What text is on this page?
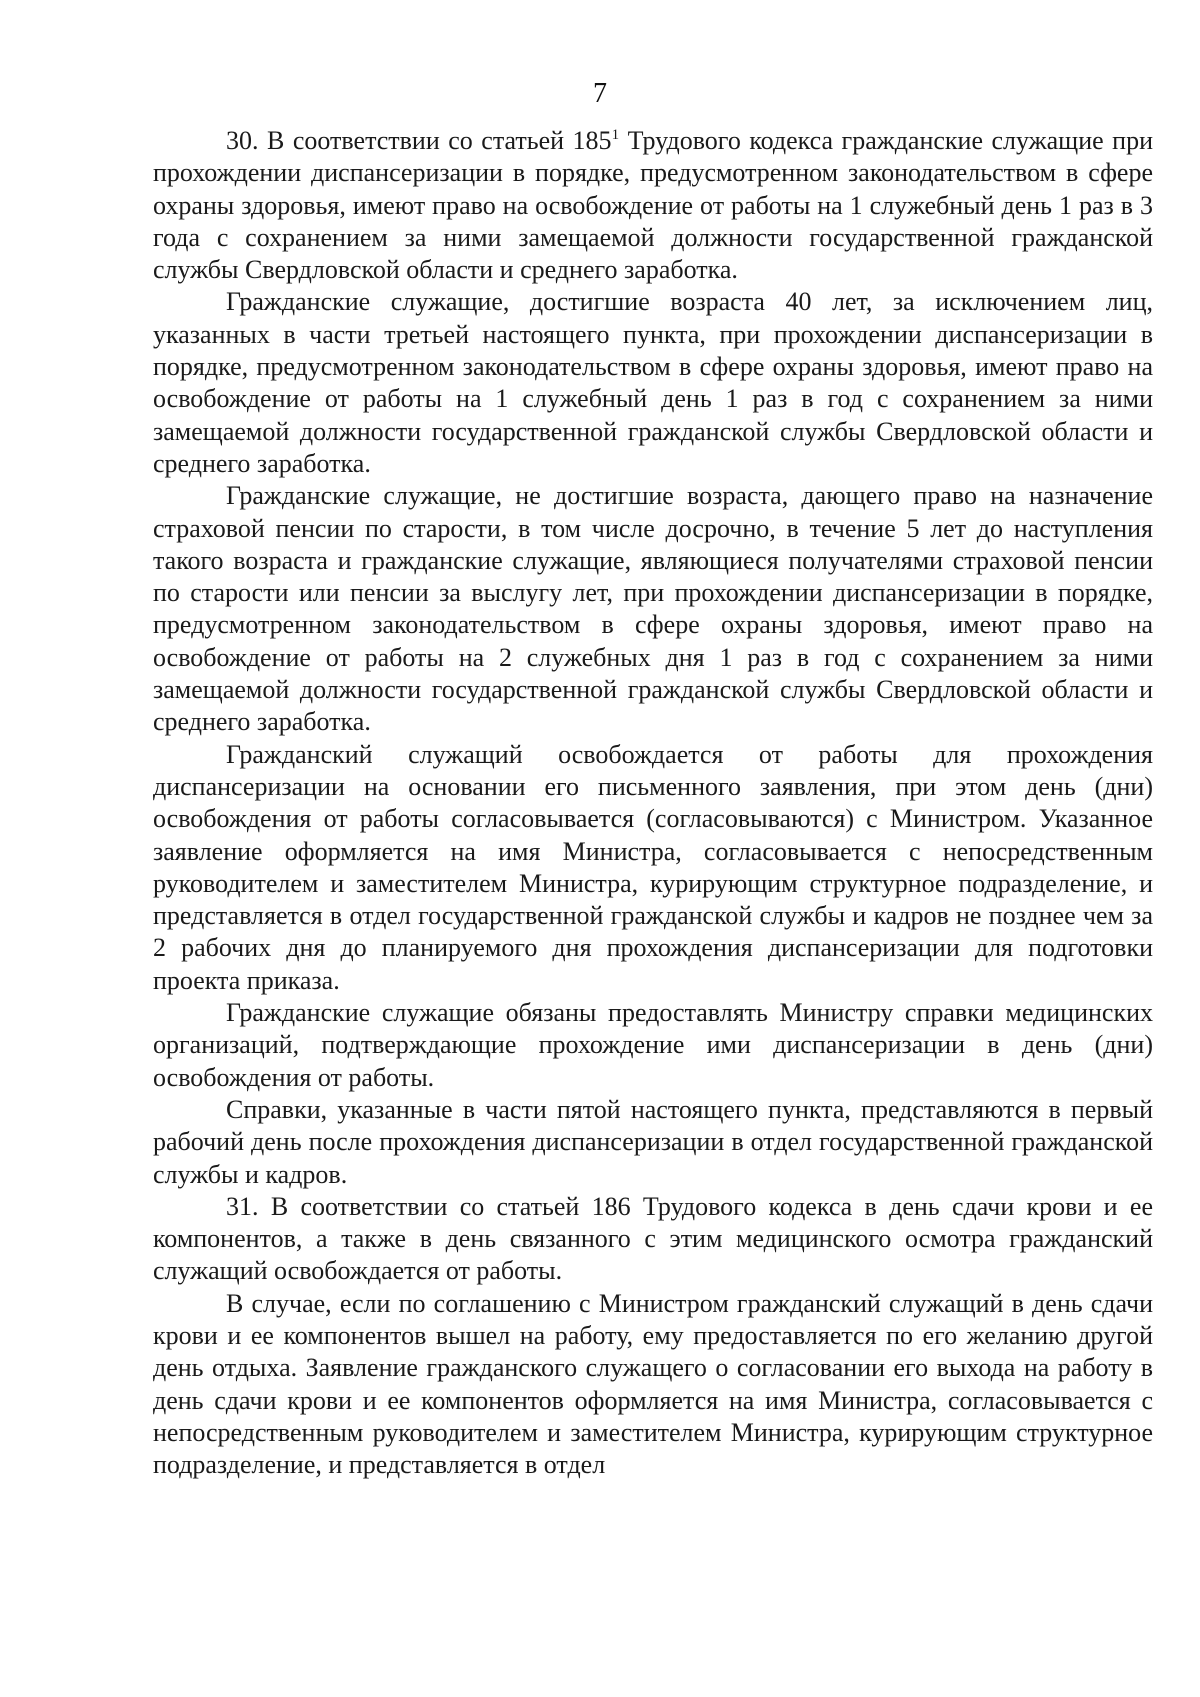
7

30. В соответствии со статьей $185^1$ Трудового кодекса гражданские служащие при прохождении диспансеризации в порядке, предусмотренном законодательством в сфере охраны здоровья, имеют право на освобождение от работы на 1 служебный день 1 раз в 3 года с сохранением за ними замещаемой должности государственной гражданской службы Свердловской области и среднего заработка.

Гражданские служащие, достигшие возраста 40 лет, за исключением лиц, указанных в части третьей настоящего пункта, при прохождении диспансеризации в порядке, предусмотренном законодательством в сфере охраны здоровья, имеют право на освобождение от работы на 1 служебный день 1 раз в год с сохранением за ними замещаемой должности государственной гражданской службы Свердловской области и среднего заработка.

Гражданские служащие, не достигшие возраста, дающего право на назначение страховой пенсии по старости, в том числе досрочно, в течение 5 лет до наступления такого возраста и гражданские служащие, являющиеся получателями страховой пенсии по старости или пенсии за выслугу лет, при прохождении диспансеризации в порядке, предусмотренном законодательством в сфере охраны здоровья, имеют право на освобождение от работы на 2 служебных дня 1 раз в год с сохранением за ними замещаемой должности государственной гражданской службы Свердловской области и среднего заработка.

Гражданский служащий освобождается от работы для прохождения диспансеризации на основании его письменного заявления, при этом день (дни) освобождения от работы согласовывается (согласовываются) с Министром. Указанное заявление оформляется на имя Министра, согласовывается с непосредственным руководителем и заместителем Министра, курирующим структурное подразделение, и представляется в отдел государственной гражданской службы и кадров не позднее чем за 2 рабочих дня до планируемого дня прохождения диспансеризации для подготовки проекта приказа.

Гражданские служащие обязаны предоставлять Министру справки медицинских организаций, подтверждающие прохождение ими диспансеризации в день (дни) освобождения от работы.

Справки, указанные в части пятой настоящего пункта, представляются в первый рабочий день после прохождения диспансеризации в отдел государственной гражданской службы и кадров.

31. В соответствии со статьей 186 Трудового кодекса в день сдачи крови и ее компонентов, а также в день связанного с этим медицинского осмотра гражданский служащий освобождается от работы.

В случае, если по соглашению с Министром гражданский служащий в день сдачи крови и ее компонентов вышел на работу, ему предоставляется по его желанию другой день отдыха. Заявление гражданского служащего о согласовании его выхода на работу в день сдачи крови и ее компонентов оформляется на имя Министра, согласовывается с непосредственным руководителем и заместителем Министра, курирующим структурное подразделение, и представляется в отдел
